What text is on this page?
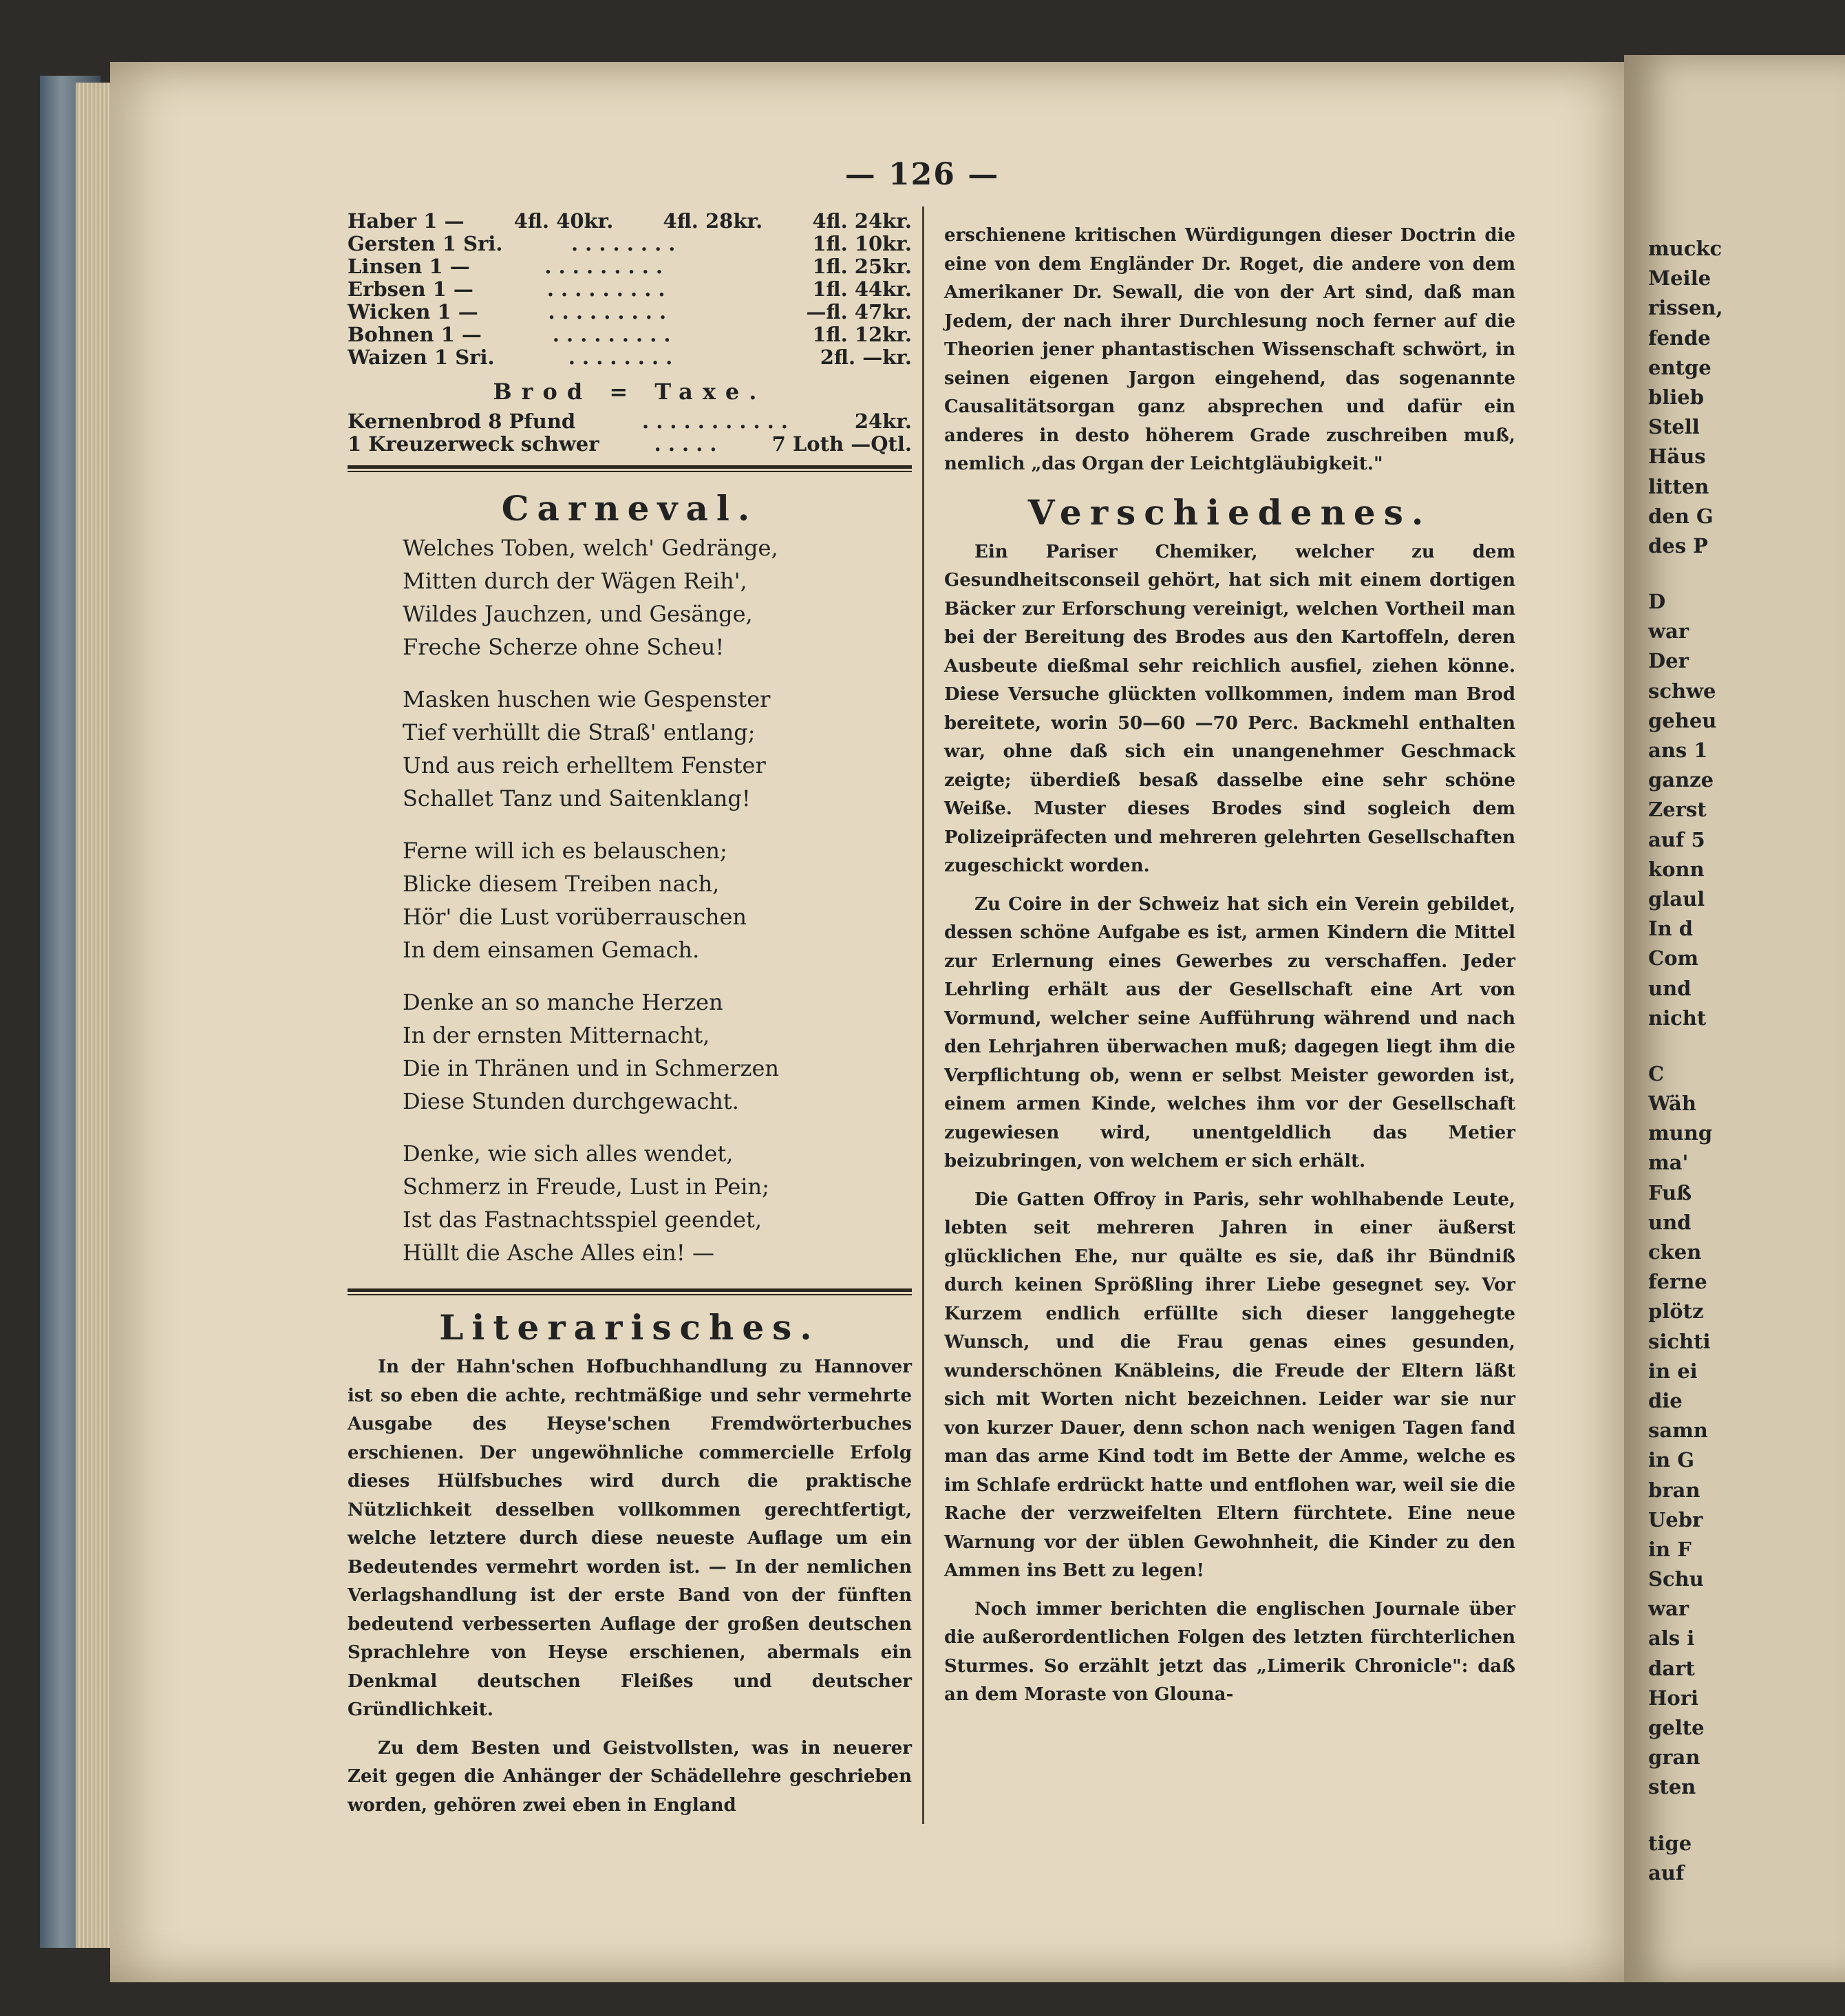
— 126 —
Haber 1 — 4fl. 40kr. 4fl. 28kr. 4fl. 24kr.
Gersten 1 Sri.	. . . . . . . .	1fl. 10kr.
Linsen 1 —	. . . . . . . . .	1fl. 25kr.
Erbsen 1 —	. . . . . . . . .	1fl. 44kr.
Wicken 1 —	. . . . . . . . .	—fl. 47kr.
Bohnen 1 —	. . . . . . . . .	1fl. 12kr.
Waizen 1 Sri.	. . . . . . . .	2fl. —kr.
Brod = Taxe.
Kernenbrod 8 Pfund	. . . . . . . . . . .	24kr.
1 Kreuzerweck schwer	. . . . .	7 Loth —Qtl.
Carneval.
Welches Toben, welch' Gedränge,
Mitten durch der Wägen Reih',
Wildes Jauchzen, und Gesänge,
Freche Scherze ohne Scheu!
Masken huschen wie Gespenster
Tief verhüllt die Straß' entlang;
Und aus reich erhelltem Fenster
Schallet Tanz und Saitenklang!
Ferne will ich es belauschen;
Blicke diesem Treiben nach,
Hör' die Lust vorüberrauschen
In dem einsamen Gemach.
Denke an so manche Herzen
In der ernsten Mitternacht,
Die in Thränen und in Schmerzen
Diese Stunden durchgewacht.
Denke, wie sich alles wendet,
Schmerz in Freude, Lust in Pein;
Ist das Fastnachtsspiel geendet,
Hüllt die Asche Alles ein! —
Literarisches.

In der Hahn'schen Hofbuchhandlung zu Hannover ist so eben die achte, rechtmäßige und sehr vermehrte Ausgabe des Heyse'schen Fremdwörterbuches erschienen. Der ungewöhnliche commercielle Erfolg dieses Hülfsbuches wird durch die praktische Nützlichkeit desselben vollkommen gerechtfertigt, welche letztere durch diese neueste Auflage um ein Bedeutendes vermehrt worden ist. — In der nemlichen Verlagshandlung ist der erste Band von der fünften bedeutend verbesserten Auflage der großen deutschen Sprachlehre von Heyse erschienen, abermals ein Denkmal deutschen Fleißes und deutscher Gründlichkeit.

Zu dem Besten und Geistvollsten, was in neuerer Zeit gegen die Anhänger der Schädellehre geschrieben worden, gehören zwei eben in England

erschienene kritischen Würdigungen dieser Doctrin die eine von dem Engländer Dr. Roget, die andere von dem Amerikaner Dr. Sewall, die von der Art sind, daß man Jedem, der nach ihrer Durchlesung noch ferner auf die Theorien jener phantastischen Wissenschaft schwört, in seinen eigenen Jargon eingehend, das sogenannte Causalitätsorgan ganz absprechen und dafür ein anderes in desto höherem Grade zuschreiben muß, nemlich „das Organ der Leichtgläubigkeit."

Verschiedenes.

Ein Pariser Chemiker, welcher zu dem Gesundheitsconseil gehört, hat sich mit einem dortigen Bäcker zur Erforschung vereinigt, welchen Vortheil man bei der Bereitung des Brodes aus den Kartoffeln, deren Ausbeute dießmal sehr reichlich ausfiel, ziehen könne. Diese Versuche glückten vollkommen, indem man Brod bereitete, worin 50—60 —70 Perc. Backmehl enthalten war, ohne daß sich ein unangenehmer Geschmack zeigte; überdieß besaß dasselbe eine sehr schöne Weiße. Muster dieses Brodes sind sogleich dem Polizeipräfecten und mehreren gelehrten Gesellschaften zugeschickt worden.

Zu Coire in der Schweiz hat sich ein Verein gebildet, dessen schöne Aufgabe es ist, armen Kindern die Mittel zur Erlernung eines Gewerbes zu verschaffen. Jeder Lehrling erhält aus der Gesellschaft eine Art von Vormund, welcher seine Aufführung während und nach den Lehrjahren überwachen muß; dagegen liegt ihm die Verpflichtung ob, wenn er selbst Meister geworden ist, einem armen Kinde, welches ihm vor der Gesellschaft zugewiesen wird, unentgeldlich das Metier beizubringen, von welchem er sich erhält.

Die Gatten Offroy in Paris, sehr wohlhabende Leute, lebten seit mehreren Jahren in einer äußerst glücklichen Ehe, nur quälte es sie, daß ihr Bündniß durch keinen Sprößling ihrer Liebe gesegnet sey. Vor Kurzem endlich erfüllte sich dieser langgehegte Wunsch, und die Frau genas eines gesunden, wunderschönen Knäbleins, die Freude der Eltern läßt sich mit Worten nicht bezeichnen. Leider war sie nur von kurzer Dauer, denn schon nach wenigen Tagen fand man das arme Kind todt im Bette der Amme, welche es im Schlafe erdrückt hatte und entflohen war, weil sie die Rache der verzweifelten Eltern fürchtete. Eine neue Warnung vor der üblen Gewohnheit, die Kinder zu den Ammen ins Bett zu legen!

Noch immer berichten die englischen Journale über die außerordentlichen Folgen des letzten fürchterlichen Sturmes. So erzählt jetzt das „Limerik Chronicle": daß an dem Moraste von Glouna-

muckc
Meile
rissen,
fende
entge
blieb
Stell
Häus
litten
den G
des P
D
war
Der
schwe
geheu
ans 1
ganze
Zerst
auf 5
konn
glaul
In d
Com
und
nicht
C
Wäh
mung
ma'
Fuß
und
cken
ferne
plötz
sichti
in ei
die
samn
in G
bran
Uebr
in F
Schu
war
als i
dart
Hori
gelte
gran
sten
tige
auf
